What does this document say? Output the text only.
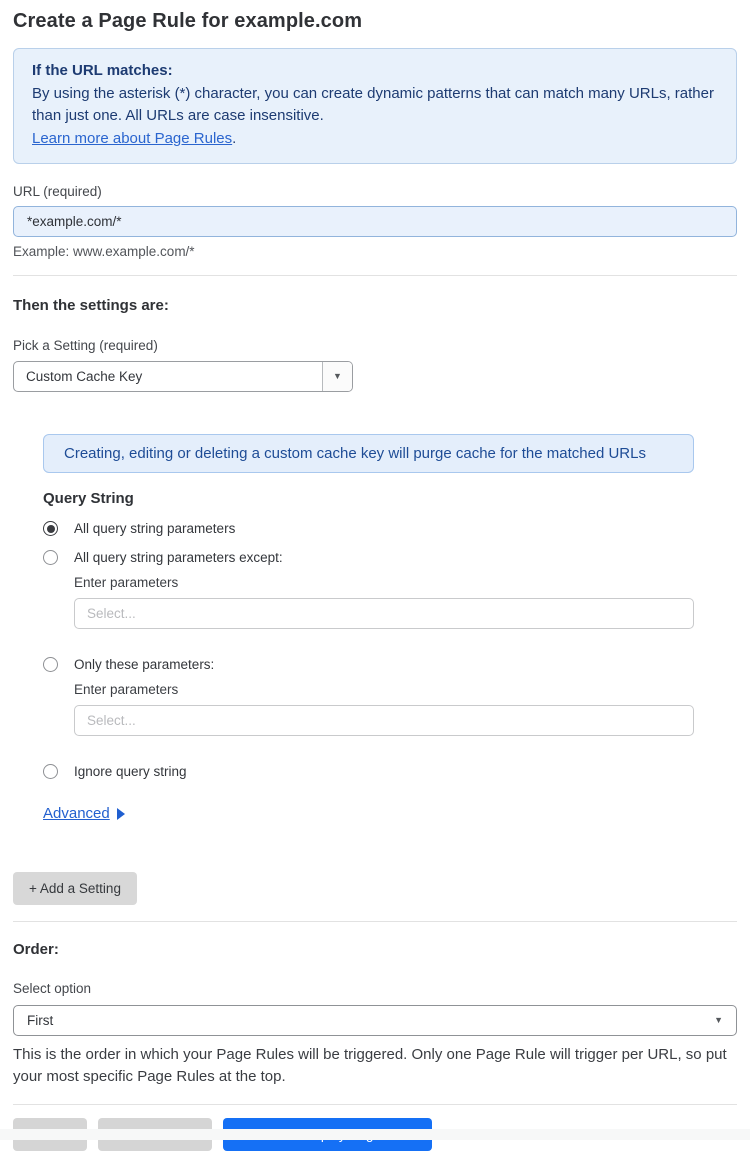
Create a Page Rule for example.com
If the URL matches:
By using the asterisk (*) character, you can create dynamic patterns that can match many URLs, rather than just one. All URLs are case insensitive.
Learn more about Page Rules.
URL (required)
*example.com/*
Example: www.example.com/*
Then the settings are:
Pick a Setting (required)
Custom Cache Key	▼
Creating, editing or deleting a custom cache key will purge cache for the matched URLs
Query String
All query string parameters
All query string parameters except:
Enter parameters
Select...
Only these parameters:
Enter parameters
Select...
Ignore query string
Advanced
+ Add a Setting
Order:
Select option
First	▼
This is the order in which your Page Rules will be triggered. Only one Page Rule will trigger per URL, so put your most specific Page Rules at the top.
